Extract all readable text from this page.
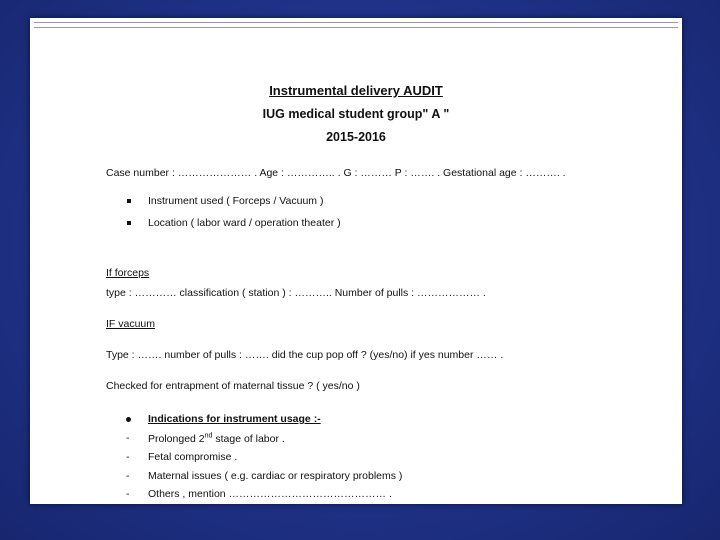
Instrumental delivery AUDIT
IUG medical student group" A "
2015-2016
Case number : ………………… . Age : ………….. . G : ……… P : ……. . Gestational age : ………. .
Instrument used ( Forceps / Vacuum )
Location ( labor ward / operation theater )
If forceps
type : ………… classification ( station ) : ……….. Number of pulls : ……………… .
IF vacuum
Type : ……. number of pulls : ……. did the cup pop off ? (yes/no) if yes number …… .
Checked for entrapment of maternal tissue ? ( yes/no )
Indications for instrument usage :-
- Prolonged 2nd stage of labor .
- Fetal compromise .
- Maternal issues ( e.g. cardiac or respiratory problems )
- Others , mention ……………………………………… .
